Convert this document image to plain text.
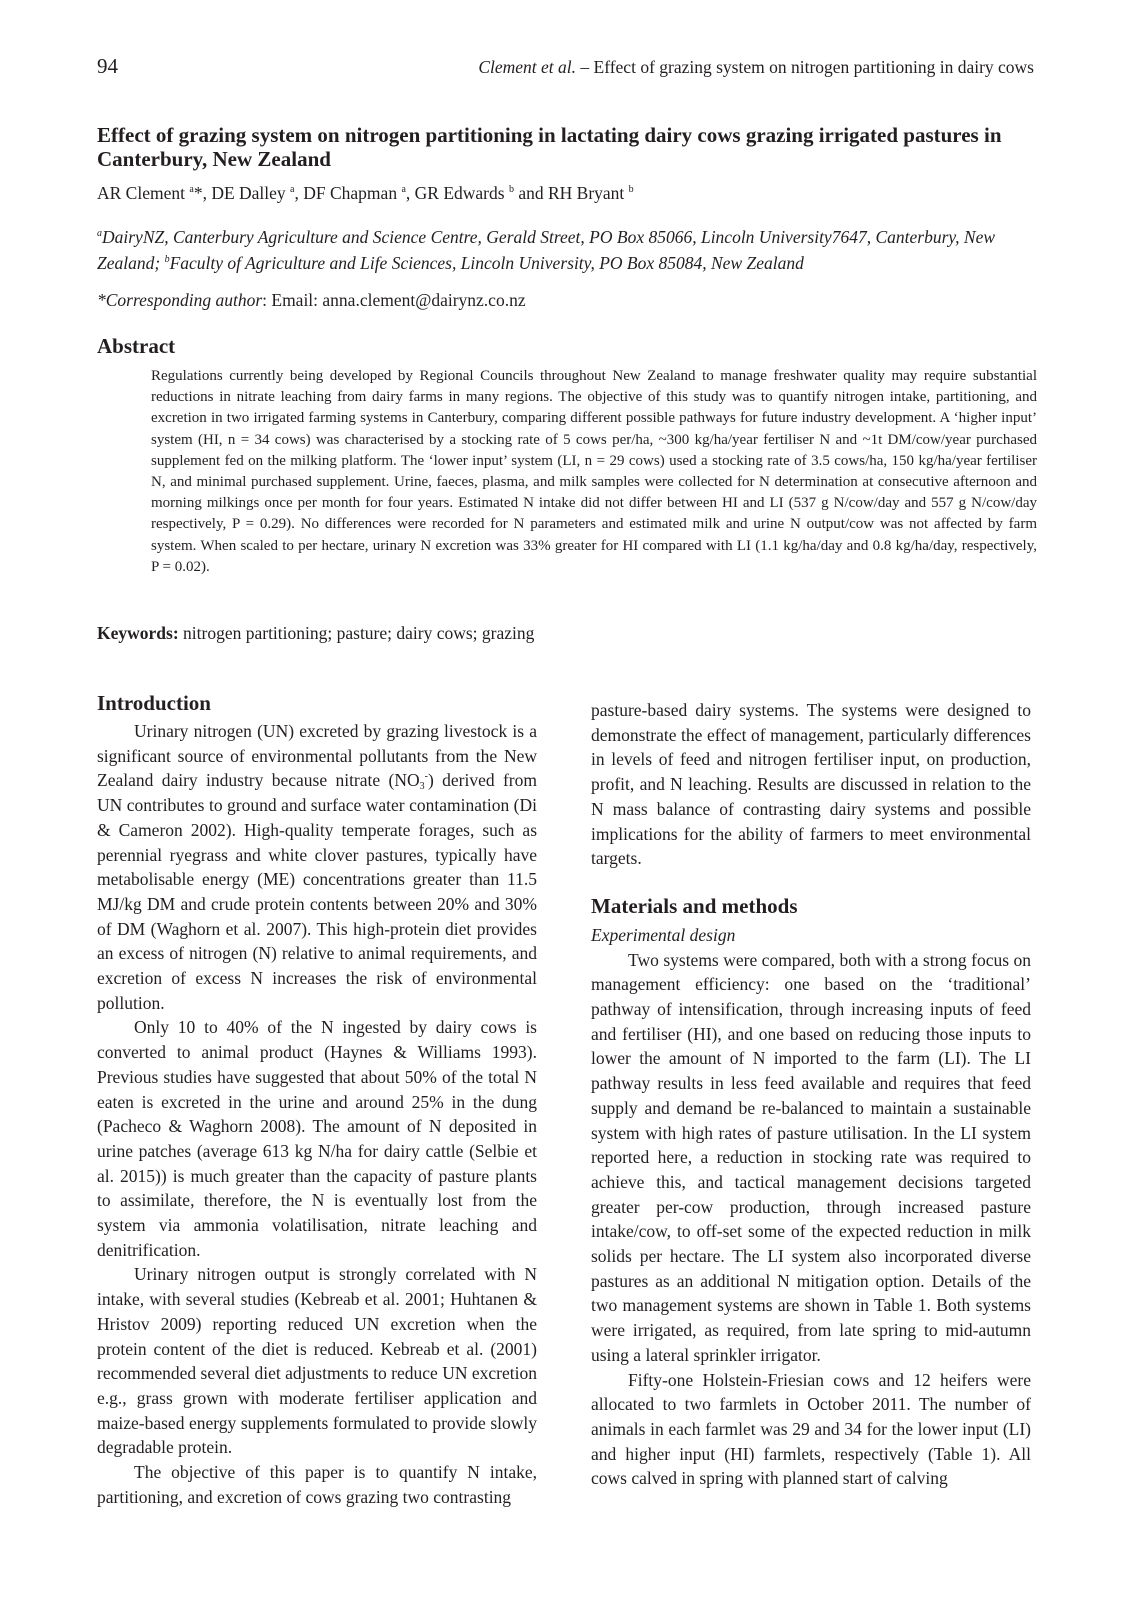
94	Clement et al. – Effect of grazing system on nitrogen partitioning in dairy cows
Effect of grazing system on nitrogen partitioning in lactating dairy cows grazing irrigated pastures in Canterbury, New Zealand
AR Clement $^a$*, DE Dalley $^a$, DF Chapman $^a$, GR Edwards $^b$ and RH Bryant $^b$
$^a$DairyNZ, Canterbury Agriculture and Science Centre, Gerald Street, PO Box 85066, Lincoln University7647, Canterbury, New Zealand; $^b$Faculty of Agriculture and Life Sciences, Lincoln University, PO Box 85084, New Zealand
*Corresponding author: Email: anna.clement@dairynz.co.nz
Abstract
Regulations currently being developed by Regional Councils throughout New Zealand to manage freshwater quality may require substantial reductions in nitrate leaching from dairy farms in many regions. The objective of this study was to quantify nitrogen intake, partitioning, and excretion in two irrigated farming systems in Canterbury, comparing different possible pathways for future industry development. A ‘higher input’ system (HI, n = 34 cows) was characterised by a stocking rate of 5 cows per/ha, ~300 kg/ha/year fertiliser N and ~1t DM/cow/year purchased supplement fed on the milking platform. The ‘lower input’ system (LI, n = 29 cows) used a stocking rate of 3.5 cows/ha, 150 kg/ha/year fertiliser N, and minimal purchased supplement. Urine, faeces, plasma, and milk samples were collected for N determination at consecutive afternoon and morning milkings once per month for four years. Estimated N intake did not differ between HI and LI (537 g N/cow/day and 557 g N/cow/day respectively, P = 0.29). No differences were recorded for N parameters and estimated milk and urine N output/cow was not affected by farm system. When scaled to per hectare, urinary N excretion was 33% greater for HI compared with LI (1.1 kg/ha/day and 0.8 kg/ha/day, respectively, P = 0.02).
Keywords: nitrogen partitioning; pasture; dairy cows; grazing
Introduction

Urinary nitrogen (UN) excreted by grazing livestock is a significant source of environmental pollutants from the New Zealand dairy industry because nitrate $(NO_3^-)$ derived from UN contributes to ground and surface water contamination (Di & Cameron 2002). High-quality temperate forages, such as perennial ryegrass and white clover pastures, typically have metabolisable energy (ME) concentrations greater than 11.5 MJ/kg DM and crude protein contents between 20% and 30% of DM (Waghorn et al. 2007). This high-protein diet provides an excess of nitrogen (N) relative to animal requirements, and excretion of excess N increases the risk of environmental pollution.

Only 10 to 40% of the N ingested by dairy cows is converted to animal product (Haynes & Williams 1993). Previous studies have suggested that about 50% of the total N eaten is excreted in the urine and around 25% in the dung (Pacheco & Waghorn 2008). The amount of N deposited in urine patches (average 613 kg N/ha for dairy cattle (Selbie et al. 2015)) is much greater than the capacity of pasture plants to assimilate, therefore, the N is eventually lost from the system via ammonia volatilisation, nitrate leaching and denitrification.

Urinary nitrogen output is strongly correlated with N intake, with several studies (Kebreab et al. 2001; Huhtanen & Hristov 2009) reporting reduced UN excretion when the protein content of the diet is reduced. Kebreab et al. (2001) recommended several diet adjustments to reduce UN excretion e.g., grass grown with moderate fertiliser application and maize-based energy supplements formulated to provide slowly degradable protein.

The objective of this paper is to quantify N intake, partitioning, and excretion of cows grazing two contrasting

pasture-based dairy systems. The systems were designed to demonstrate the effect of management, particularly differences in levels of feed and nitrogen fertiliser input, on production, profit, and N leaching. Results are discussed in relation to the N mass balance of contrasting dairy systems and possible implications for the ability of farmers to meet environmental targets.

Materials and methods

Experimental design

Two systems were compared, both with a strong focus on management efficiency: one based on the ‘traditional’ pathway of intensification, through increasing inputs of feed and fertiliser (HI), and one based on reducing those inputs to lower the amount of N imported to the farm (LI). The LI pathway results in less feed available and requires that feed supply and demand be re-balanced to maintain a sustainable system with high rates of pasture utilisation. In the LI system reported here, a reduction in stocking rate was required to achieve this, and tactical management decisions targeted greater per-cow production, through increased pasture intake/cow, to off-set some of the expected reduction in milk solids per hectare. The LI system also incorporated diverse pastures as an additional N mitigation option. Details of the two management systems are shown in Table 1. Both systems were irrigated, as required, from late spring to mid-autumn using a lateral sprinkler irrigator.

Fifty-one Holstein-Friesian cows and 12 heifers were allocated to two farmlets in October 2011. The number of animals in each farmlet was 29 and 34 for the lower input (LI) and higher input (HI) farmlets, respectively (Table 1). All cows calved in spring with planned start of calving
